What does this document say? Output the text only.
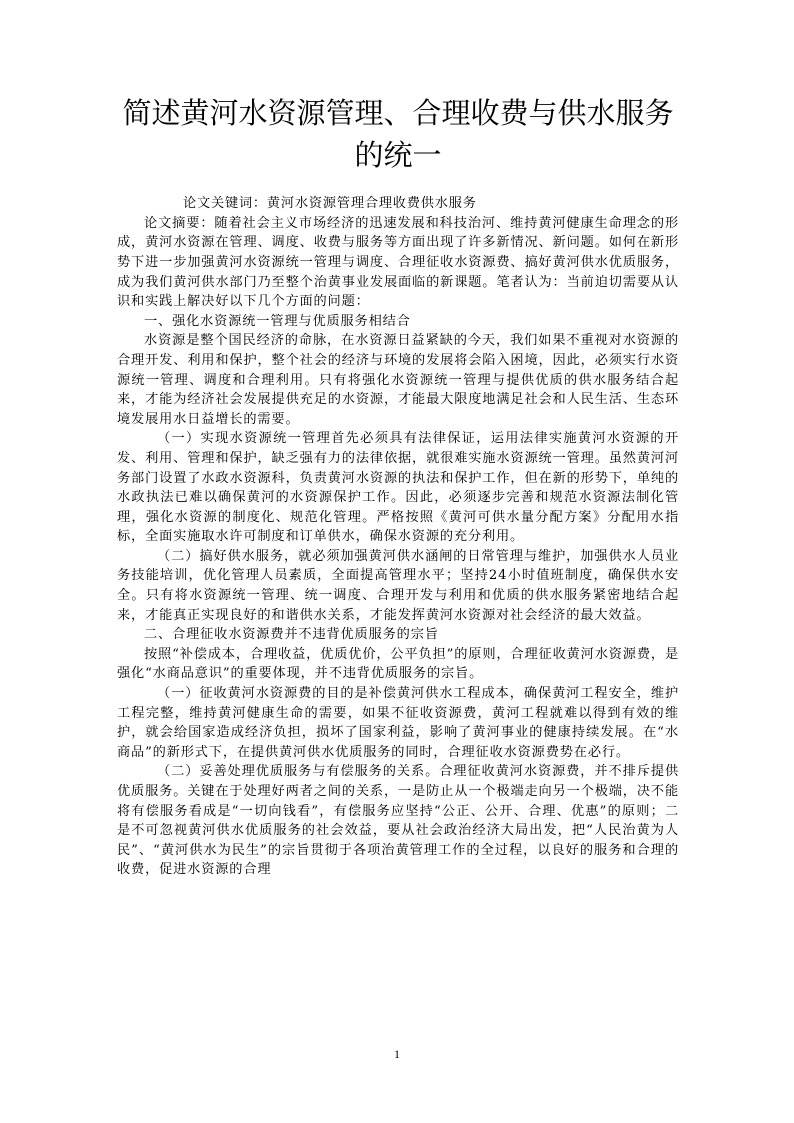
简述黄河水资源管理、合理收费与供水服务的统一

论文关键词：黄河水资源管理合理收费供水服务

论文摘要：随着社会主义市场经济的迅速发展和科技治河、维持黄河健康生命理念的形成，黄河水资源在管理、调度、收费与服务等方面出现了许多新情况、新问题。如何在新形势下进一步加强黄河水资源统一管理与调度、合理征收水资源费、搞好黄河供水优质服务，成为我们黄河供水部门乃至整个治黄事业发展面临的新课题。笔者认为：当前迫切需要从认识和实践上解决好以下几个方面的问题：

一、强化水资源统一管理与优质服务相结合

水资源是整个国民经济的命脉，在水资源日益紧缺的今天，我们如果不重视对水资源的合理开发、利用和保护，整个社会的经济与环境的发展将会陷入困境，因此，必须实行水资源统一管理、调度和合理利用。只有将强化水资源统一管理与提供优质的供水服务结合起来，才能为经济社会发展提供充足的水资源，才能最大限度地满足社会和人民生活、生态环境发展用水日益增长的需要。

（一）实现水资源统一管理首先必须具有法律保证，运用法律实施黄河水资源的开发、利用、管理和保护，缺乏强有力的法律依据，就很难实施水资源统一管理。虽然黄河河务部门设置了水政水资源科，负责黄河水资源的执法和保护工作，但在新的形势下，单纯的水政执法已难以确保黄河的水资源保护工作。因此，必须逐步完善和规范水资源法制化管理，强化水资源的制度化、规范化管理。严格按照《黄河可供水量分配方案》分配用水指标，全面实施取水许可制度和订单供水，确保水资源的充分利用。

（二）搞好供水服务，就必须加强黄河供水涵闸的日常管理与维护，加强供水人员业务技能培训，优化管理人员素质，全面提高管理水平；坚持24小时值班制度，确保供水安全。只有将水资源统一管理、统一调度、合理开发与利用和优质的供水服务紧密地结合起来，才能真正实现良好的和谐供水关系，才能发挥黄河水资源对社会经济的最大效益。

二、合理征收水资源费并不违背优质服务的宗旨

按照“补偿成本，合理收益，优质优价，公平负担”的原则，合理征收黄河水资源费，是强化“水商品意识”的重要体现，并不违背优质服务的宗旨。

（一）征收黄河水资源费的目的是补偿黄河供水工程成本，确保黄河工程安全，维护工程完整，维持黄河健康生命的需要，如果不征收资源费，黄河工程就难以得到有效的维护，就会给国家造成经济负担，损坏了国家利益，影响了黄河事业的健康持续发展。在“水商品”的新形式下，在提供黄河供水优质服务的同时，合理征收水资源费势在必行。

（二）妥善处理优质服务与有偿服务的关系。合理征收黄河水资源费，并不排斥提供优质服务。关键在于处理好两者之间的关系，一是防止从一个极端走向另一个极端，决不能将有偿服务看成是“一切向钱看”，有偿服务应坚持“公正、公开、合理、优惠”的原则；二是不可忽视黄河供水优质服务的社会效益，要从社会政治经济大局出发，把“人民治黄为人民”、“黄河供水为民生”的宗旨贯彻于各项治黄管理工作的全过程，以良好的服务和合理的收费，促进水资源的合理

1
